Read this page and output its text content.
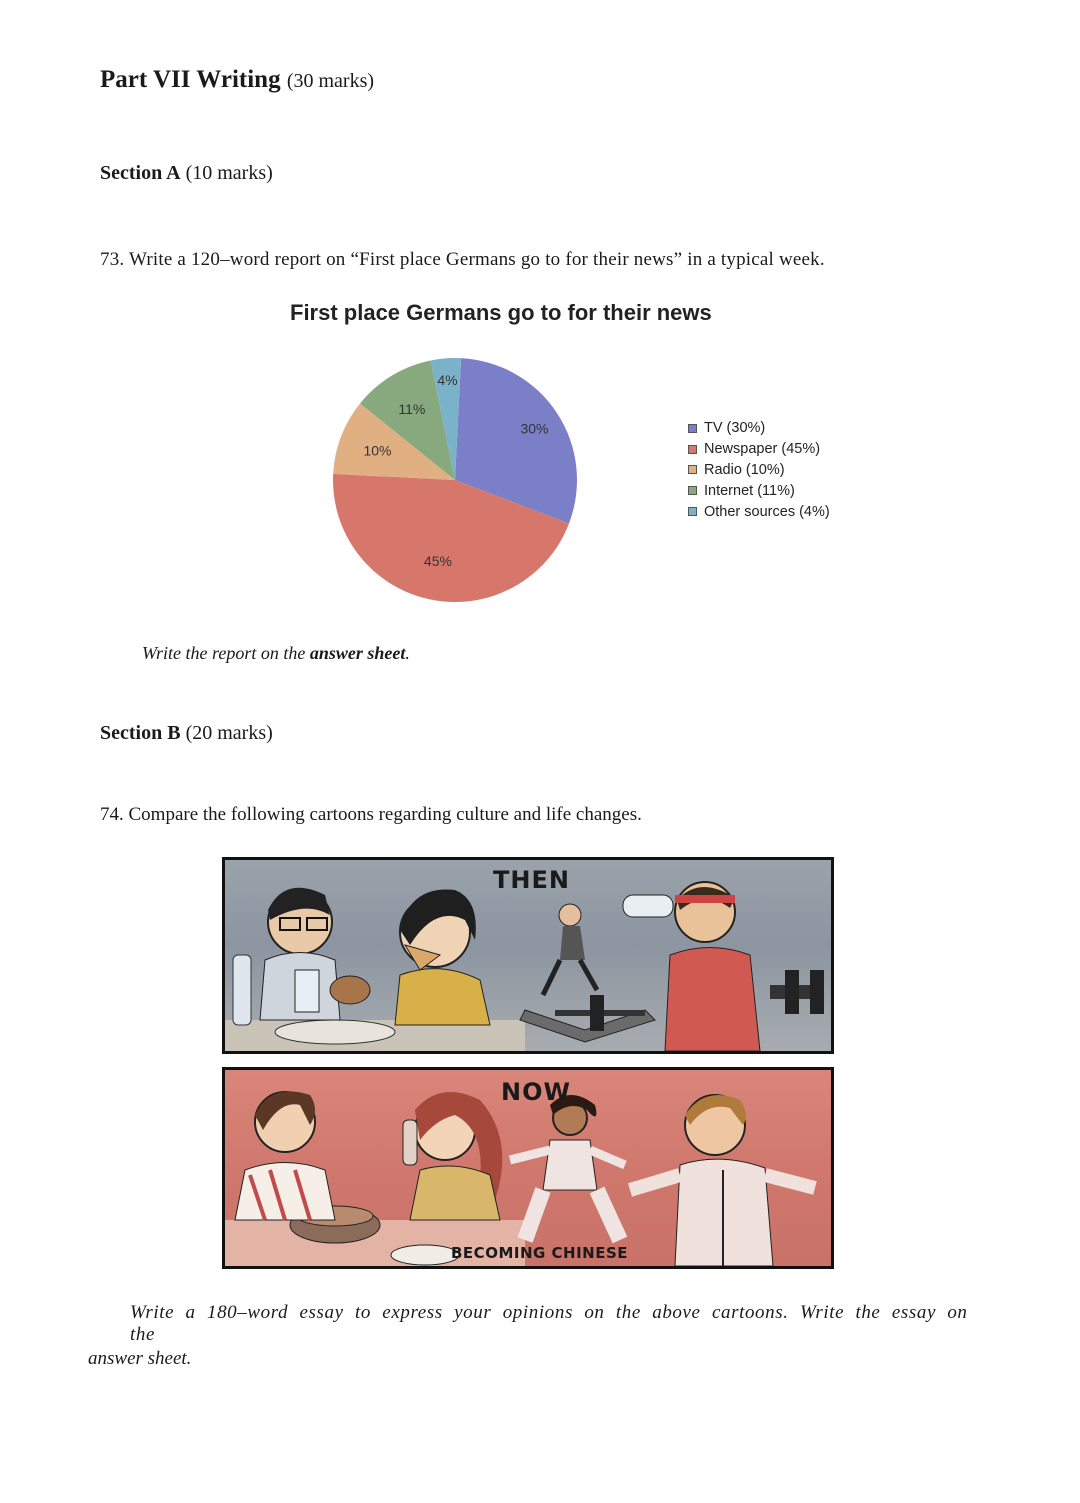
Part VII Writing (30 marks)
Section A (10 marks)
73. Write a 120–word report on “First place Germans go to for their news” in a typical week.
First place Germans go to for their news
30%
45%
10%
11%
4%
TV (30%)
Newspaper (45%)
Radio (10%)
Internet (11%)
Other sources (4%)
Write the report on the answer sheet.
Section B (20 marks)
74. Compare the following cartoons regarding culture and life changes.
THEN
NOW
BECOMING CHINESE
Write a 180–word essay to express your opinions on the above cartoons. Write the essay on the
answer sheet.
